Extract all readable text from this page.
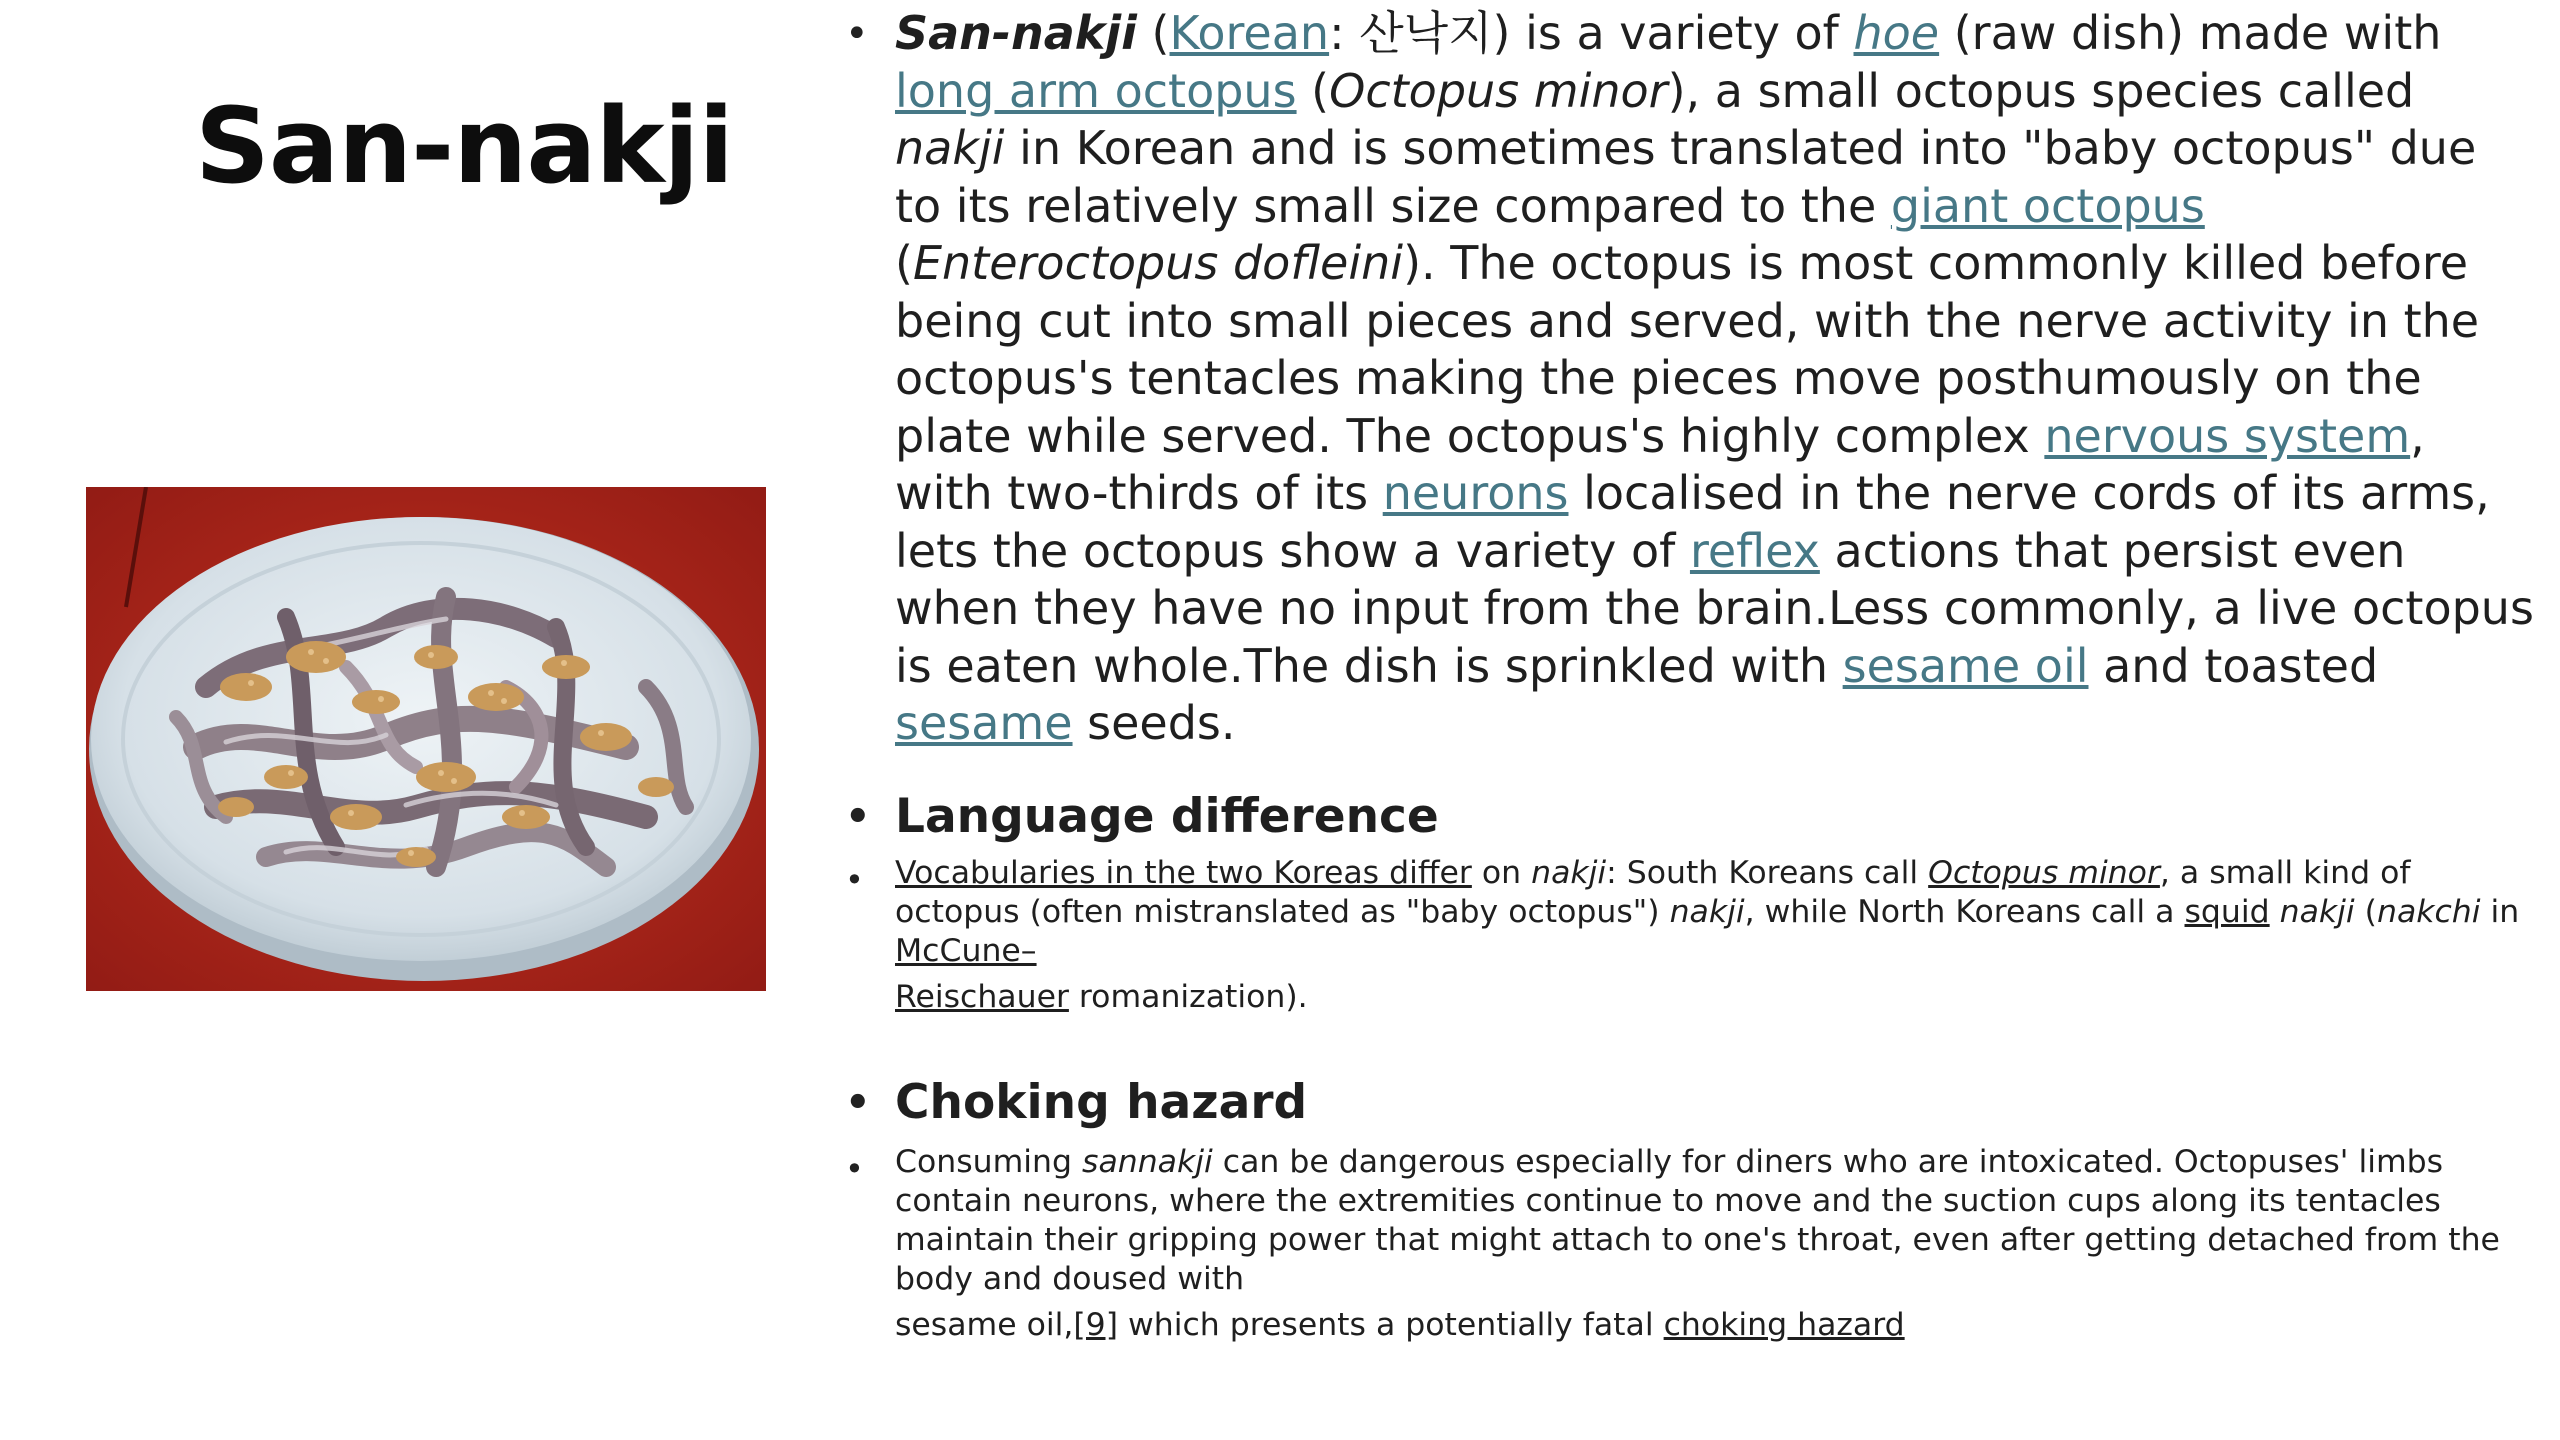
San-nakji
• San-nakji (Korean: 산낙지) is a variety of hoe (raw dish) made with long arm octopus (Octopus minor), a small octopus species called nakji in Korean and is sometimes translated into "baby octopus" due to its relatively small size compared to the giant octopus (Enteroctopus dofleini). The octopus is most commonly killed before being cut into small pieces and served, with the nerve activity in the octopus's tentacles making the pieces move posthumously on the plate while served. The octopus's highly complex nervous system, with two-thirds of its neurons localised in the nerve cords of its arms, lets the octopus show a variety of reflex actions that persist even when they have no input from the brain.Less commonly, a live octopus is eaten whole.The dish is sprinkled with sesame oil and toasted sesame seeds.
• Language difference
• Vocabularies in the two Koreas differ on nakji: South Koreans call Octopus minor, a small kind of octopus (often mistranslated as "baby octopus") nakji, while North Koreans call a squid nakji (nakchi in McCune–
Reischauer romanization).
• Choking hazard
• Consuming sannakji can be dangerous especially for diners who are intoxicated. Octopuses' limbs contain neurons, where the extremities continue to move and the suction cups along its tentacles maintain their gripping power that might attach to one's throat, even after getting detached from the body and doused with
sesame oil,[9] which presents a potentially fatal choking hazard
